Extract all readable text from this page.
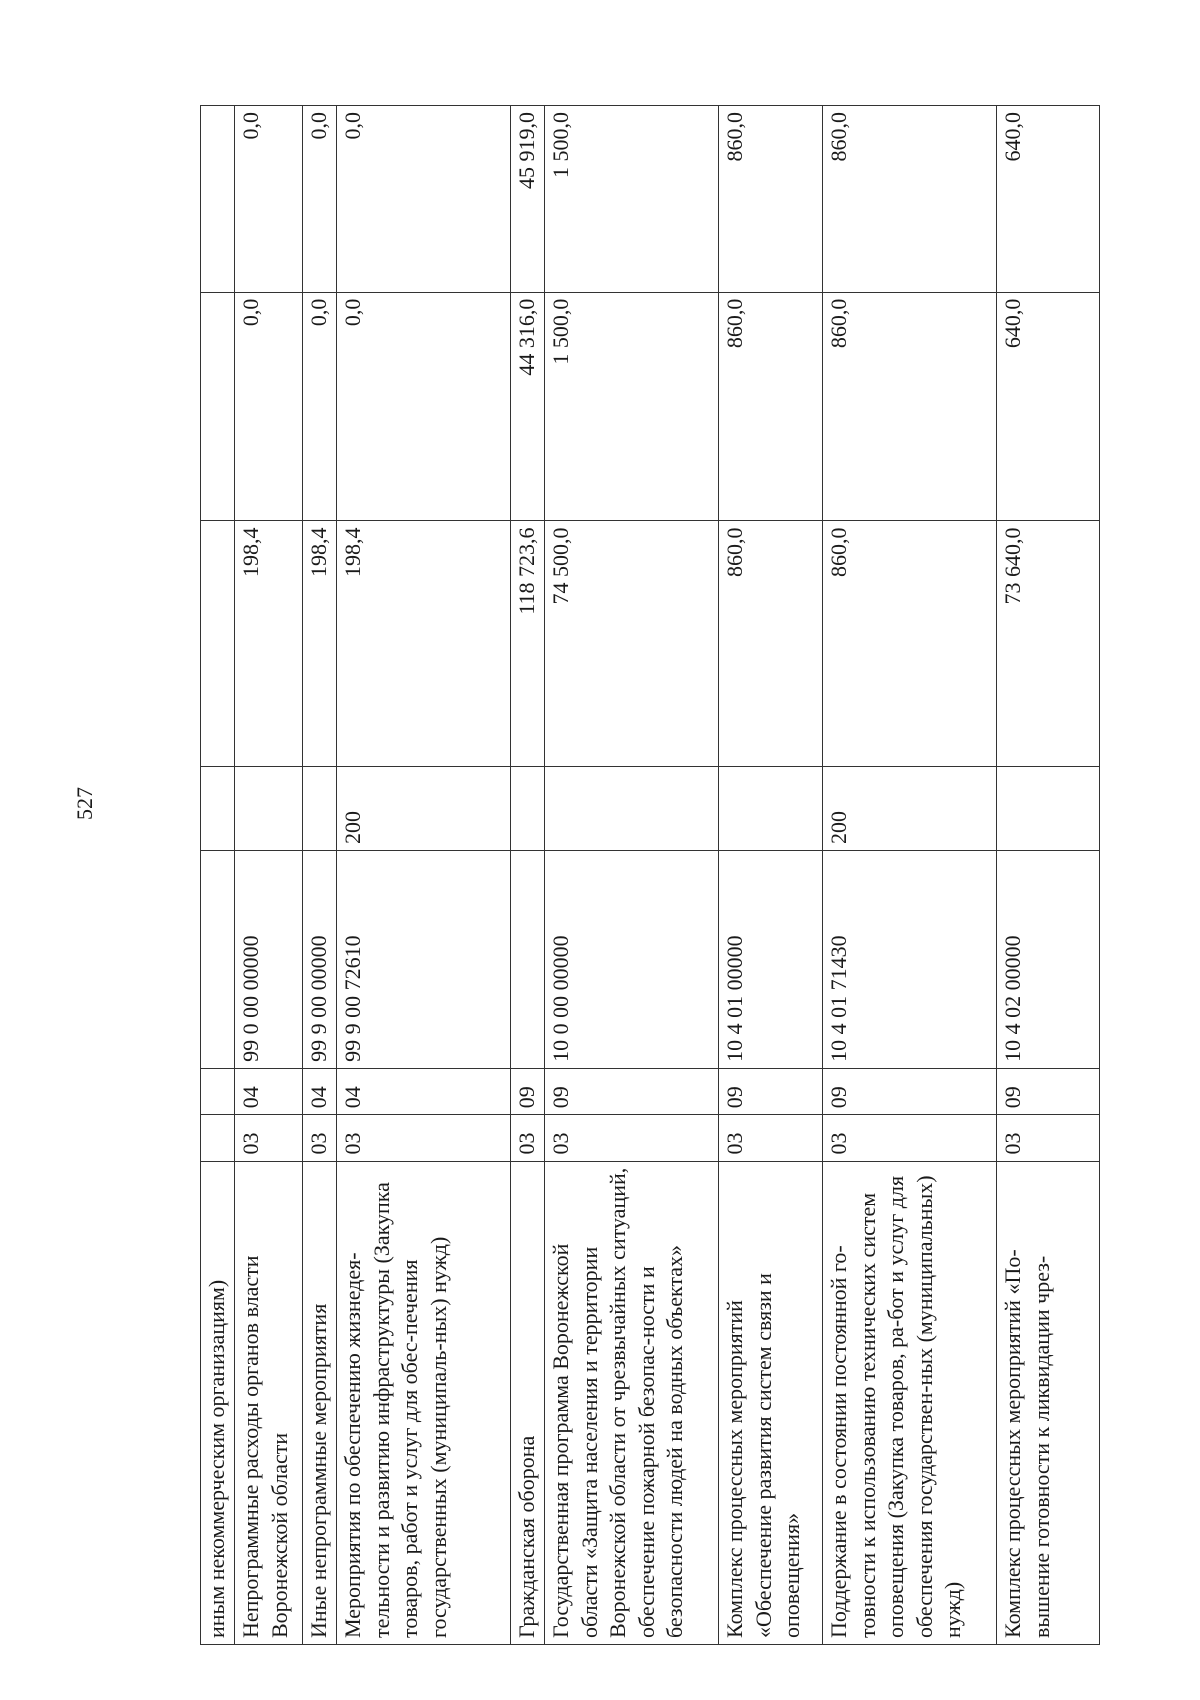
527
иным некоммерческим организациям)							
Непрограммные расходы органов власти Воронежской области	03	04	99 0 00 00000		198,4	0,0	0,0
Иные непрограммные мероприятия	03	04	99 9 00 00000		198,4	0,0	0,0
Мероприятия по обеспечению жизнедея-тельности и развитию инфраструктуры (Закупка товаров, работ и услуг для обес-печения государственных (муниципаль-ных) нужд)	03	04	99 9 00 72610	200	198,4	0,0	0,0
Гражданская оборона	03	09			118 723,6	44 316,0	45 919,0
Государственная программа Воронежской области «Защита населения и территории Воронежской области от чрезвычайных ситуаций, обеспечение пожарной безопас-ности и безопасности людей на водных объектах»	03	09	10 0 00 00000		74 500,0	1 500,0	1 500,0
Комплекс процессных мероприятий «Обеспечение развития систем связи и оповещения»	03	09	10 4 01 00000		860,0	860,0	860,0
Поддержание в состоянии постоянной го-товности к использованию технических систем оповещения (Закупка товаров, ра-бот и услуг для обеспечения государствен-ных (муниципальных) нужд)	03	09	10 4 01 71430	200	860,0	860,0	860,0
Комплекс процессных мероприятий «По-вышение готовности к ликвидации чрез-	03	09	10 4 02 00000		73 640,0	640,0	640,0
